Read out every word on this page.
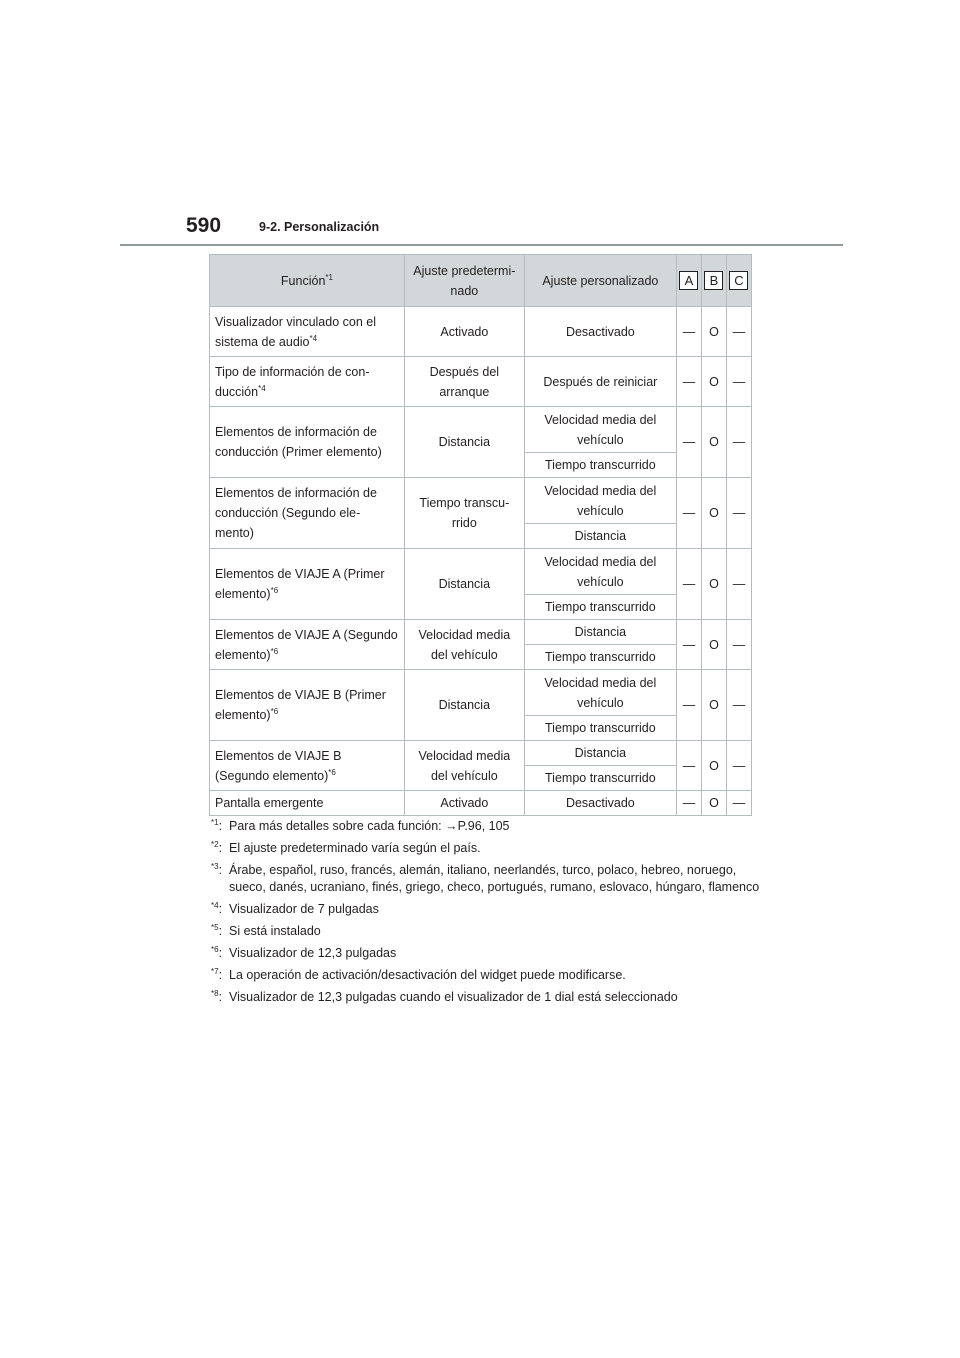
590	9-2. Personalización
Función$^{*1}$	Ajuste predetermi-nado	Ajuste personalizado	A	B	C
Visualizador vinculado con el sistema de audio$^{*4}$	Activado	Desactivado	—	O	—
Tipo de información de con-ducción$^{*4}$	Después del arranque	Después de reiniciar	—	O	—
Elementos de información de conducción (Primer elemento)	Distancia	Velocidad media del vehículo	—	O	—
		Tiempo transcurrido			
Elementos de información de conducción (Segundo ele-mento)	Tiempo transcu-rrido	Velocidad media del vehículo	—	O	—
		Distancia			
Elementos de VIAJE A (Primer elemento)$^{*6}$	Distancia	Velocidad media del vehículo	—	O	—
		Tiempo transcurrido			
Elementos de VIAJE A (Segundo elemento)$^{*6}$	Velocidad media del vehículo	Distancia	—	O	—
		Tiempo transcurrido			
Elementos de VIAJE B (Primer elemento)$^{*6}$	Distancia	Velocidad media del vehículo	—	O	—
		Tiempo transcurrido			
Elementos de VIAJE B (Segundo elemento)$^{*6}$	Velocidad media del vehículo	Distancia	—	O	—
		Tiempo transcurrido			
Pantalla emergente	Activado	Desactivado	—	O	—
$^{*1}$: Para más detalles sobre cada función: →P.96, 105
$^{*2}$: El ajuste predeterminado varía según el país.
$^{*3}$: Árabe, español, ruso, francés, alemán, italiano, neerlandés, turco, polaco, hebreo, noruego, sueco, danés, ucraniano, finés, griego, checo, portugués, rumano, eslovaco, húngaro, flamenco
$^{*4}$: Visualizador de 7 pulgadas
$^{*5}$: Si está instalado
$^{*6}$: Visualizador de 12,3 pulgadas
$^{*7}$: La operación de activación/desactivación del widget puede modificarse.
$^{*8}$: Visualizador de 12,3 pulgadas cuando el visualizador de 1 dial está seleccionado
